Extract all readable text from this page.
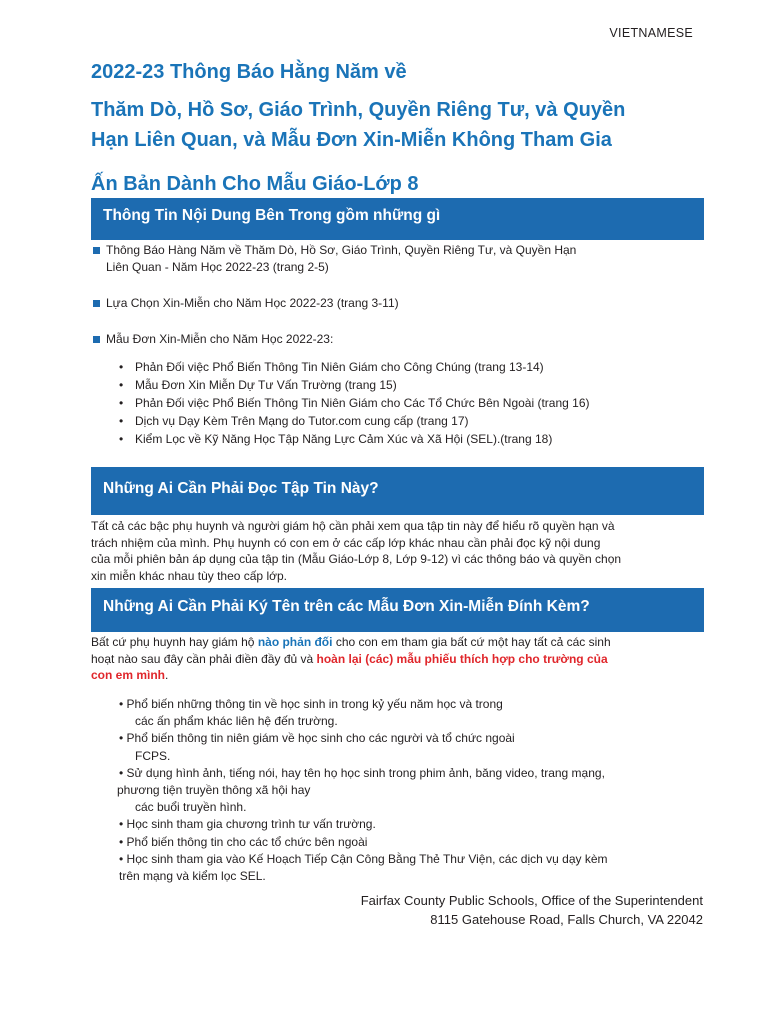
VIETNAMESE
2022-23 Thông Báo Hằng Năm về
Thăm Dò, Hồ Sơ, Giáo Trình, Quyền Riêng Tư, và Quyền
Hạn Liên Quan, và Mẫu Đơn Xin-Miễn Không Tham Gia
Ấn Bản Dành Cho Mẫu Giáo-Lớp 8
Thông Tin Nội Dung Bên Trong gồm những gì
Thông Báo Hàng Năm về Thăm Dò, Hồ Sơ, Giáo Trình, Quyền Riêng Tư, và Quyền Hạn
Liên Quan - Năm Học 2022-23 (trang 2-5)
Lựa Chọn Xin-Miễn cho Năm Học 2022-23 (trang 3-11)
Mẫu Đơn Xin-Miễn cho Năm Học 2022-23:
• Phản Đối việc Phổ Biến Thông Tin Niên Giám cho Công Chúng (trang 13-14)
• Mẫu Đơn Xin Miễn Dự Tư Vấn Trường (trang 15)
• Phản Đối việc Phổ Biến Thông Tin Niên Giám cho Các Tổ Chức Bên Ngoài (trang 16)
• Dịch vụ Dạy Kèm Trên Mạng do Tutor.com cung cấp (trang 17)
• Kiểm Lọc về Kỹ Năng Học Tập Năng Lực Cảm Xúc và Xã Hội (SEL).(trang 18)
Những Ai Cần Phải Đọc Tập Tin Này?

Tất cả các bậc phụ huynh và người giám hộ cần phải xem qua tập tin này để hiểu rõ quyền hạn và
trách nhiệm của mình. Phụ huynh có con em ở các cấp lớp khác nhau cần phải đọc kỹ nội dung
của mỗi phiên bản áp dụng của tập tin (Mẫu Giáo-Lớp 8, Lớp 9-12) vì các thông báo và quyền chọn
xin miễn khác nhau tùy theo cấp lớp.

Những Ai Cần Phải Ký Tên trên các Mẫu Đơn Xin-Miễn Đính Kèm?

Bất cứ phụ huynh hay giám hộ nào phản đối cho con em tham gia bất cứ một hay tất cả các sinh
hoạt nào sau đây cần phải điền đầy đủ và hoàn lại (các) mẫu phiếu thích hợp cho trường của
con em mình.

• Phổ biến những thông tin về học sinh in trong kỷ yếu năm học và trong
các ấn phẩm khác liên hệ đến trường.
• Phổ biến thông tin niên giám về học sinh cho các người và tổ chức ngoài
FCPS.
• Sử dụng hình ảnh, tiếng nói, hay tên họ học sinh trong phim ảnh, băng video, trang mạng,
phương tiện truyền thông xã hội hay
các buổi truyền hình.
• Học sinh tham gia chương trình tư vấn trường.
• Phổ biến thông tin cho các tổ chức bên ngoài
• Học sinh tham gia vào Kế Hoạch Tiếp Cận Công Bằng Thẻ Thư Viện, các dịch vụ dạy kèm
trên mạng và kiểm lọc SEL.
Fairfax County Public Schools, Office of the Superintendent
8115 Gatehouse Road, Falls Church, VA 22042
